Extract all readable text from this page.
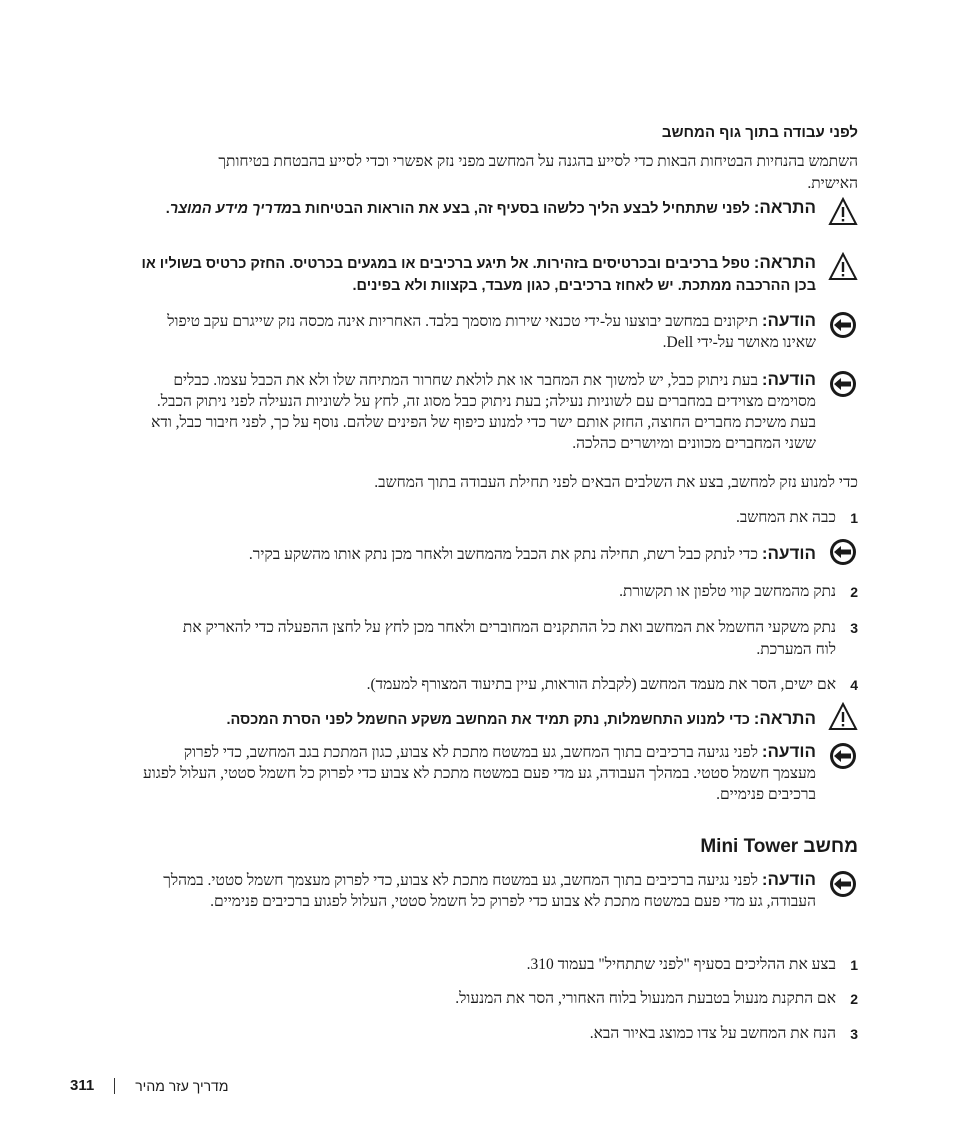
לפני עבודה בתוך גוף המחשב
השתמש בהנחיות הבטיחות הבאות כדי לסייע בהגנה על המחשב מפני נזק אפשרי וכדי לסייע בהבטחת בטיחותך האישית.
התראה: לפני שתתחיל לבצע הליך כלשהו בסעיף זה, בצע את הוראות הבטיחות במדריך מידע המוצר.
התראה: טפל ברכיבים ובכרטיסים בזהירות. אל תיגע ברכיבים או במגעים בכרטיס. החזק כרטיס בשוליו או בכן ההרכבה ממתכת. יש לאחוז ברכיבים, כגון מעבד, בקצוות ולא בפינים.
הודעה: תיקונים במחשב יבוצעו על-ידי טכנאי שירות מוסמך בלבד. האחריות אינה מכסה נזק שייגרם עקב טיפול שאינו מאושר על-ידי Dell.
הודעה: בעת ניתוק כבל, יש למשוך את המחבר או את לולאת שחרור המתיחה שלו ולא את הכבל עצמו. כבלים מסוימים מצוידים במחברים עם לשוניות נעילה; בעת ניתוק כבל מסוג זה, לחץ על לשוניות הנעילה לפני ניתוק הכבל. בעת משיכת מחברים החוצה, החזק אותם ישר כדי למנוע כיפוף של הפינים שלהם. נוסף על כך, לפני חיבור כבל, ודא ששני המחברים מכוונים ומיושרים כהלכה.
כדי למנוע נזק למחשב, בצע את השלבים הבאים לפני תחילת העבודה בתוך המחשב.
1
כבה את המחשב.
הודעה: כדי לנתק כבל רשת, תחילה נתק את הכבל מהמחשב ולאחר מכן נתק אותו מהשקע בקיר.
2
נתק מהמחשב קווי טלפון או תקשורת.
3
נתק משקעי החשמל את המחשב ואת כל ההתקנים המחוברים ולאחר מכן לחץ על לחצן ההפעלה כדי להאריק את לוח המערכת.
4
אם ישים, הסר את מעמד המחשב (לקבלת הוראות, עיין בתיעוד המצורף למעמד).
התראה: כדי למנוע התחשמלות, נתק תמיד את המחשב משקע החשמל לפני הסרת המכסה.
הודעה: לפני נגיעה ברכיבים בתוך המחשב, גע במשטח מתכת לא צבוע, כגון המתכת בגב המחשב, כדי לפרוק מעצמך חשמל סטטי. במהלך העבודה, גע מדי פעם במשטח מתכת לא צבוע כדי לפרוק כל חשמל סטטי, העלול לפגוע ברכיבים פנימיים.
מחשב Mini Tower
הודעה: לפני נגיעה ברכיבים בתוך המחשב, גע במשטח מתכת לא צבוע, כדי לפרוק מעצמך חשמל סטטי. במהלך העבודה, גע מדי פעם במשטח מתכת לא צבוע כדי לפרוק כל חשמל סטטי, העלול לפגוע ברכיבים פנימיים.
1
בצע את ההליכים בסעיף "לפני שתתחיל" בעמוד 310.
2
אם התקנת מנעול בטבעת המנעול בלוח האחורי, הסר את המנעול.
3
הנח את המחשב על צדו כמוצג באיור הבא.
311	מדריך עזר מהיר
